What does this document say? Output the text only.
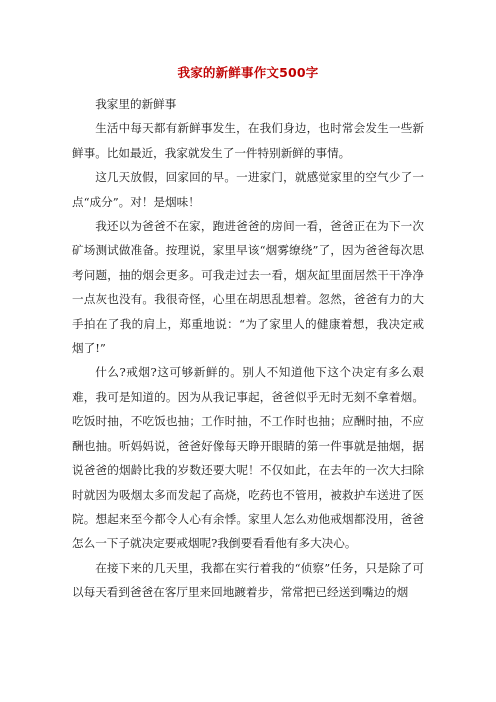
我家的新鲜事作文500字

我家里的新鲜事

生活中每天都有新鲜事发生，在我们身边，也时常会发生一些新鲜事。比如最近，我家就发生了一件特别新鲜的事情。

这几天放假，回家回的早。一进家门，就感觉家里的空气少了一点“成分”。对！是烟味！

我还以为爸爸不在家，跑进爸爸的房间一看，爸爸正在为下一次矿场测试做准备。按理说，家里早该“烟雾缭绕”了，因为爸爸每次思考问题，抽的烟会更多。可我走过去一看，烟灰缸里面居然干干净净一点灰也没有。我很奇怪，心里在胡思乱想着。忽然，爸爸有力的大手拍在了我的肩上，郑重地说：“为了家里人的健康着想，我决定戒烟了!”

什么?戒烟?这可够新鲜的。别人不知道他下这个决定有多么艰难，我可是知道的。因为从我记事起，爸爸似乎无时无刻不拿着烟。吃饭时抽，不吃饭也抽；工作时抽，不工作时也抽；应酬时抽，不应酬也抽。听妈妈说，爸爸好像每天睁开眼睛的第一件事就是抽烟，据说爸爸的烟龄比我的岁数还要大呢！不仅如此，在去年的一次大扫除时就因为吸烟太多而发起了高烧，吃药也不管用，被救护车送进了医院。想起来至今都令人心有余悸。家里人怎么劝他戒烟都没用，爸爸怎么一下子就决定要戒烟呢?我倒要看看他有多大决心。

在接下来的几天里，我都在实行着我的“侦察”任务，只是除了可以每天看到爸爸在客厅里来回地踱着步，常常把已经送到嘴边的烟
